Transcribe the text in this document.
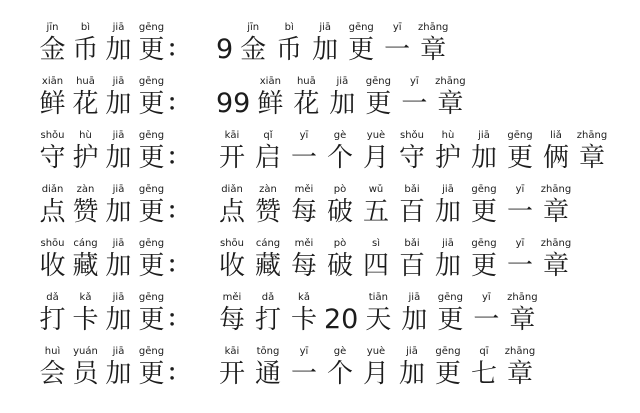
jīn
金
bì
币
jiā
加
gēng
更 ： 9
jīn
金
bì
币
jiā
加
gēng
更
yī
一
zhāng
章
xiān
鲜
huā
花
jiā
加
gēng
更 ： 99
xiān
鲜
huā
花
jiā
加
gēng
更
yī
一
zhāng
章
shǒu
守
hù
护
jiā
加
gēng
更 ：
kāi
开
qǐ
启
yī
一
gè
个
yuè
月
shǒu
守
hù
护
jiā
加
gēng
更
liǎ
俩
zhāng
章
diǎn
点
zàn
赞
jiā
加
gēng
更 ：
diǎn
点
zàn
赞
měi
每
pò
破
wǔ
五
bǎi
百
jiā
加
gēng
更
yī
一
zhāng
章
shōu
收
cáng
藏
jiā
加
gēng
更 ：
shōu
收
cáng
藏
měi
每
pò
破
sì
四
bǎi
百
jiā
加
gēng
更
yī
一
zhāng
章
dǎ
打
kǎ
卡
jiā
加
gēng
更 ：
měi
每
dǎ
打
kǎ
卡 20
tiān
天
jiā
加
gēng
更
yī
一
zhāng
章
huì
会
yuán
员
jiā
加
gēng
更 ：
kāi
开
tōng
通
yī
一
gè
个
yuè
月
jiā
加
gēng
更
qī
七
zhāng
章
